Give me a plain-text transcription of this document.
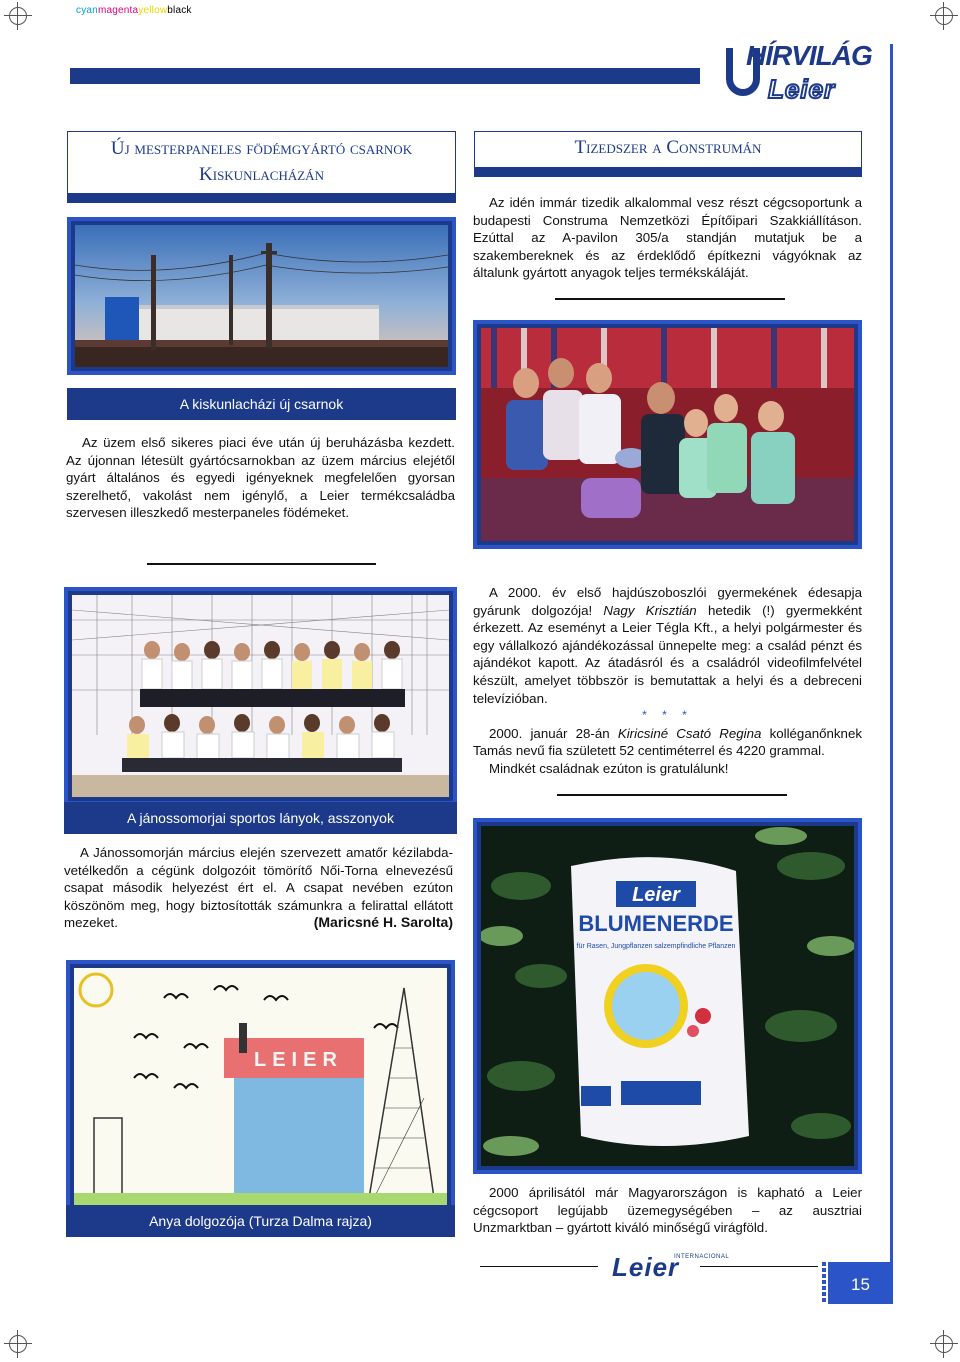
cyanmagentayellowblack
HÍRVILÁG
Leier
Új mesterpaneles födémgyártó csarnok
Kiskunlacházán
A kiskunlacházi új csarnok

Az üzem első sikeres piaci éve után új beruházásba kezdett. Az újonnan létesült gyártócsarnokban az üzem március elejétől gyárt általános és egyedi igényeknek megfelelően gyorsan szerelhető, vakolást nem igénylő, a Leier termékcsaládba szervesen illeszkedő mesterpaneles födémeket.

Tizedszer a Construmán

Az idén immár tizedik alkalommal vesz részt cégcsoportunk a budapesti Construma Nemzetközi Építőipari Szakkiállításon. Ezúttal az A-pavilon 305/a standján mutatjuk be a szakembereknek és az érdeklődő építkezni vágyóknak az általunk gyártott anyagok teljes termékskáláját.

A 2000. év első hajdúszoboszlói gyermekének édesapja gyárunk dolgozója! Nagy Krisztián hetedik (!) gyermekként érkezett. Az eseményt a Leier Tégla Kft., a helyi polgármester és egy vállalkozó ajándékozással ünnepelte meg: a család pénzt és ajándékot kapott. Az átadásról és a családról videofilmfelvétel készült, amelyet többször is bemutattak a helyi és a debreceni televízióban.

* * *

2000. január 28-án Kiricsiné Csató Regina kolléganőnknek Tamás nevű fia született 52 centiméterrel és 4220 grammal.

Mindkét családnak ezúton is gratulálunk!

A jánossomorjai sportos lányok, asszonyok

A Jánossomorján március elején szervezett amatőr kézilabda-vetélkedőn a cégünk dolgozóit tömörítő Női-Torna elnevezésű csapat második helyezést ért el. A csapat nevében ezúton köszönöm meg, hogy biztosították számunkra a felirattal ellátott mezeket.	(Maricsné H. Sarolta)

LEIER
Anya dolgozója (Turza Dalma rajza)
Leier
BLUMENERDE
für Rasen, Jungpflanzen salzempfindliche Pflanzen

2000 áprilisától már Magyarországon is kapható a Leier cégcsoport legújabb üzemegységében – az ausztriai Unzmarktban – gyártott kiváló minőségű virágföld.

Leier
INTERNACIONAL
15
